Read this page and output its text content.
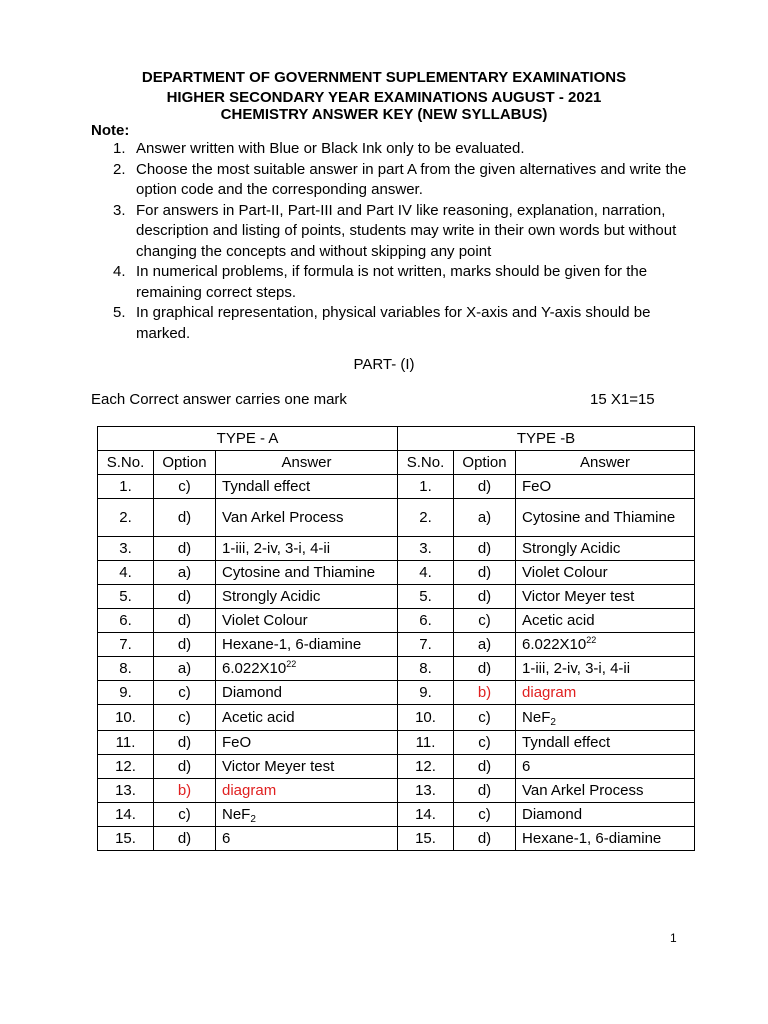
DEPARTMENT OF GOVERNMENT SUPLEMENTARY EXAMINATIONS
HIGHER SECONDARY YEAR EXAMINATIONS AUGUST - 2021
CHEMISTRY ANSWER KEY (NEW SYLLABUS)
Note:
1. Answer written with Blue or Black Ink only to be evaluated.
2. Choose the most suitable answer in part A from the given alternatives and write the option code and the corresponding answer.
3. For answers in Part-II, Part-III and Part IV like reasoning, explanation, narration, description and listing of points, students may write in their own words but without changing the concepts and without skipping any point
4. In numerical problems, if formula is not written, marks should be given for the remaining correct steps.
5. In graphical representation, physical variables for X-axis and Y-axis should be marked.
PART- (I)
Each Correct answer carries one mark	15 X1=15
TYPE - A			TYPE -B		
S.No.	Option	Answer	S.No.	Option	Answer
1.	c)	Tyndall effect	1.	d)	FeO
2.	d)	Van Arkel Process	2.	a)	Cytosine and Thiamine
3.	d)	1-iii, 2-iv, 3-i, 4-ii	3.	d)	Strongly Acidic
4.	a)	Cytosine and Thiamine	4.	d)	Violet Colour
5.	d)	Strongly Acidic	5.	d)	Victor Meyer test
6.	d)	Violet Colour	6.	c)	Acetic acid
7.	d)	Hexane-1, 6-diamine	7.	a)	$6.022X10^{22}$
8.	a)	$6.022X10^{22}$	8.	d)	1-iii, 2-iv, 3-i, 4-ii
9.	c)	Diamond	9.	b)	diagram
10.	c)	Acetic acid	10.	c)	NeF$_2$
11.	d)	FeO	11.	c)	Tyndall effect
12.	d)	Victor Meyer test	12.	d)	6
13.	b)	diagram	13.	d)	Van Arkel Process
14.	c)	NeF$_2$	14.	c)	Diamond
15.	d)	6	15.	d)	Hexane-1, 6-diamine
1
